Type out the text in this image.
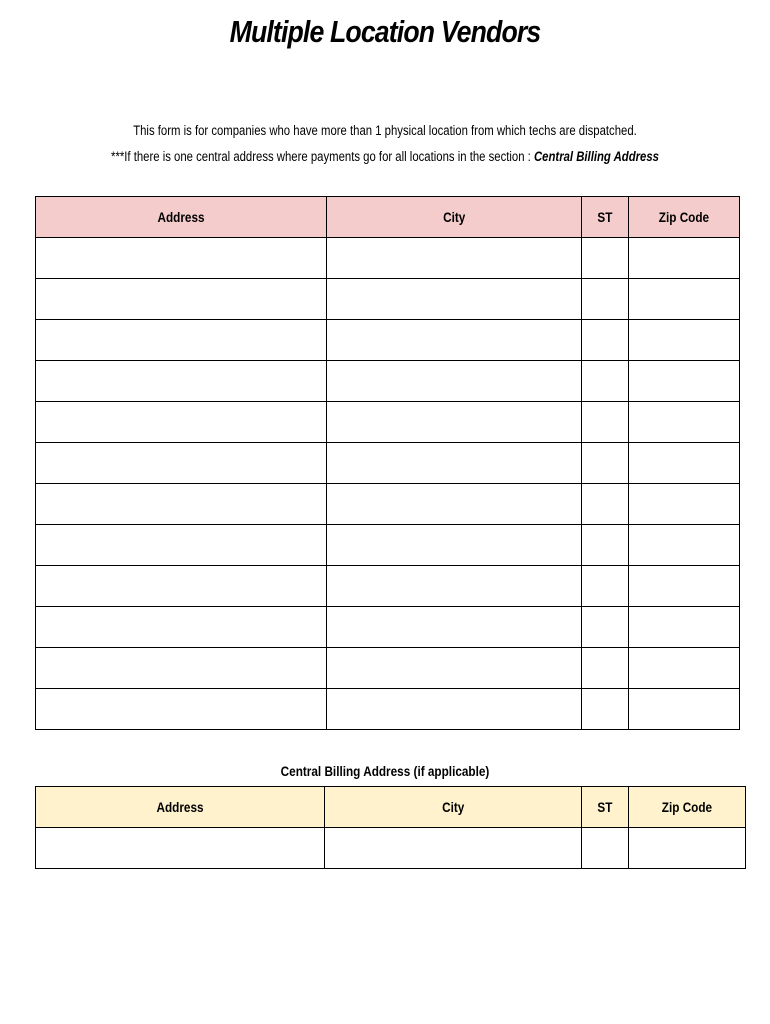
Multiple Location Vendors
This form is for companies who have more than 1 physical location from which techs are dispatched.
***If there is one central address where payments go for all locations in the section : Central Billing Address
Address	City	ST	Zip Code

Central Billing Address (if applicable)
Address	City	ST	Zip Code
